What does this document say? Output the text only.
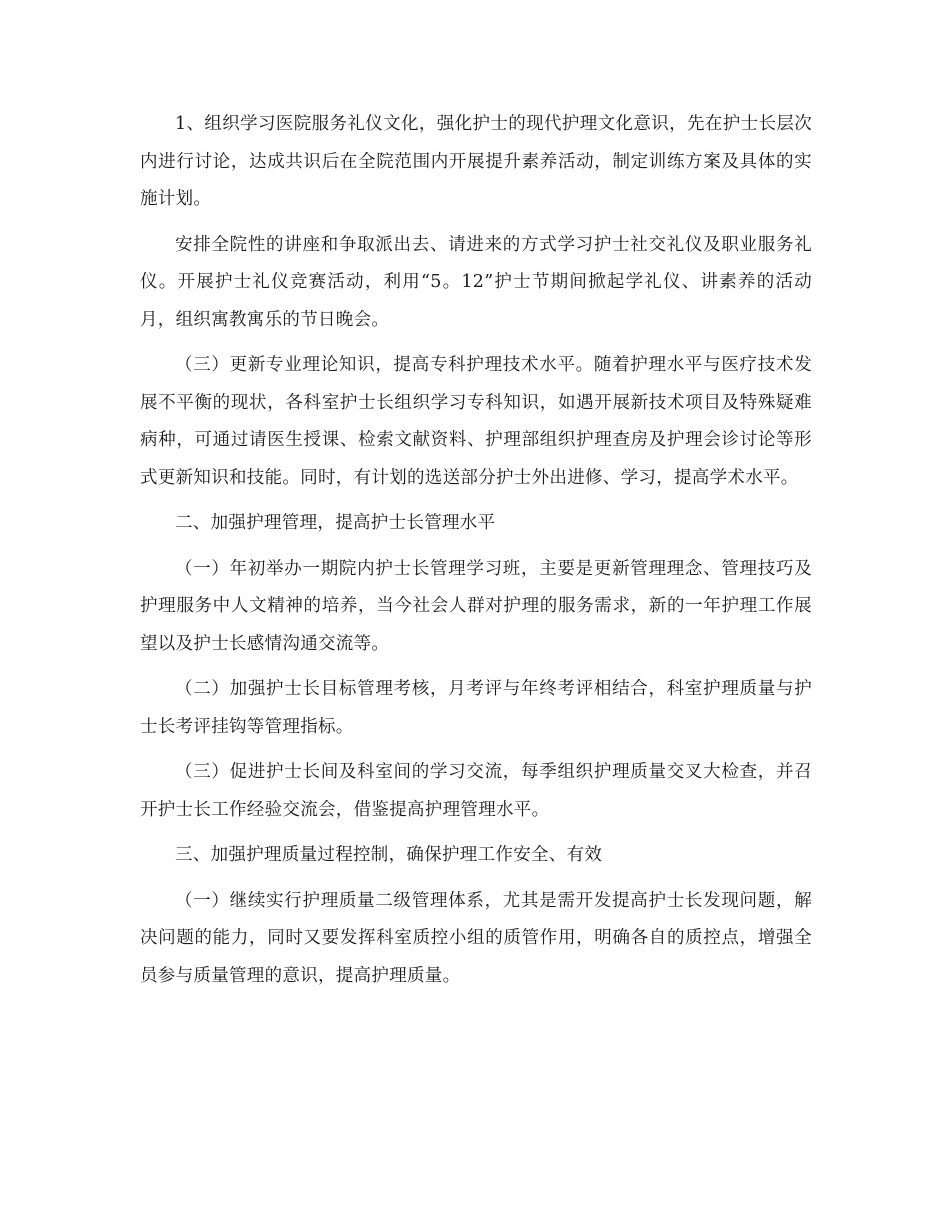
1、组织学习医院服务礼仪文化，强化护士的现代护理文化意识，先在护士长层次内进行讨论，达成共识后在全院范围内开展提升素养活动，制定训练方案及具体的实施计划。

安排全院性的讲座和争取派出去、请进来的方式学习护士社交礼仪及职业服务礼仪。开展护士礼仪竞赛活动，利用“5。12”护士节期间掀起学礼仪、讲素养的活动月，组织寓教寓乐的节日晚会。

（三）更新专业理论知识，提高专科护理技术水平。随着护理水平与医疗技术发展不平衡的现状，各科室护士长组织学习专科知识，如遇开展新技术项目及特殊疑难病种，可通过请医生授课、检索文献资料、护理部组织护理查房及护理会诊讨论等形式更新知识和技能。同时，有计划的选送部分护士外出进修、学习，提高学术水平。

二、加强护理管理，提高护士长管理水平

（一）年初举办一期院内护士长管理学习班，主要是更新管理理念、管理技巧及护理服务中人文精神的培养，当今社会人群对护理的服务需求，新的一年护理工作展望以及护士长感情沟通交流等。

（二）加强护士长目标管理考核，月考评与年终考评相结合，科室护理质量与护士长考评挂钩等管理指标。

（三）促进护士长间及科室间的学习交流，每季组织护理质量交叉大检查，并召开护士长工作经验交流会，借鉴提高护理管理水平。

三、加强护理质量过程控制，确保护理工作安全、有效

（一）继续实行护理质量二级管理体系，尤其是需开发提高护士长发现问题，解决问题的能力，同时又要发挥科室质控小组的质管作用，明确各自的质控点，增强全员参与质量管理的意识，提高护理质量。
